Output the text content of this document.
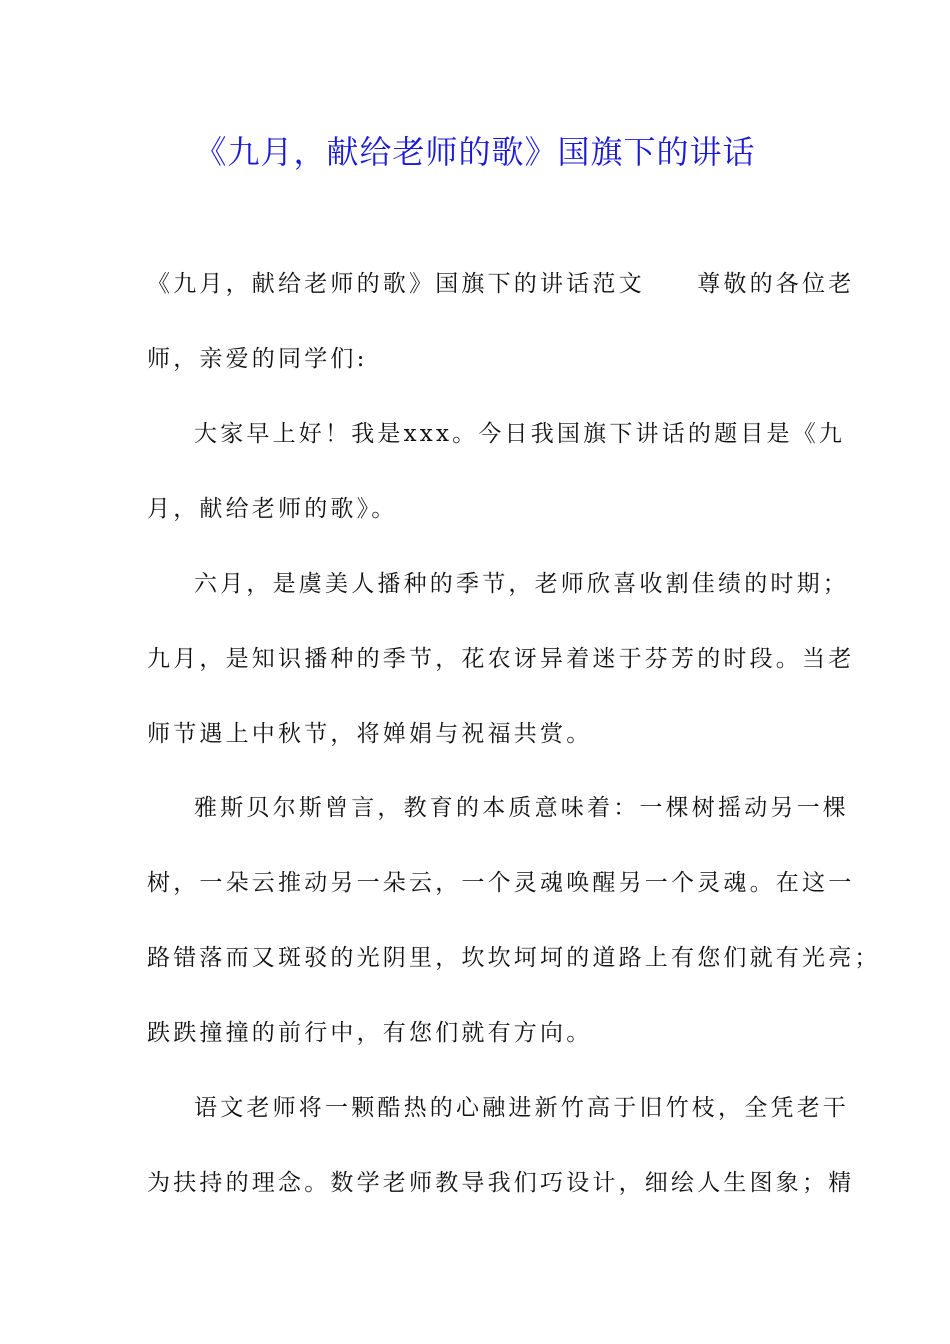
《九月，献给老师的歌》国旗下的讲话
《九月，献给老师的歌》国旗下的讲话范文　　尊敬的各位老
师，亲爱的同学们:
大家早上好！我是xxx。今日我国旗下讲话的题目是《九
月，献给老师的歌》。
六月，是虞美人播种的季节，老师欣喜收割佳绩的时期；
九月，是知识播种的季节，花农讶异着迷于芬芳的时段。当老
师节遇上中秋节，将婵娟与祝福共赏。
雅斯贝尔斯曾言，教育的本质意味着：一棵树摇动另一棵
树，一朵云推动另一朵云，一个灵魂唤醒另一个灵魂。在这一
路错落而又斑驳的光阴里，坎坎坷坷的道路上有您们就有光亮；
跌跌撞撞的前行中，有您们就有方向。
语文老师将一颗酷热的心融进新竹高于旧竹枝，全凭老干
为扶持的理念。数学老师教导我们巧设计，细绘人生图象；精
